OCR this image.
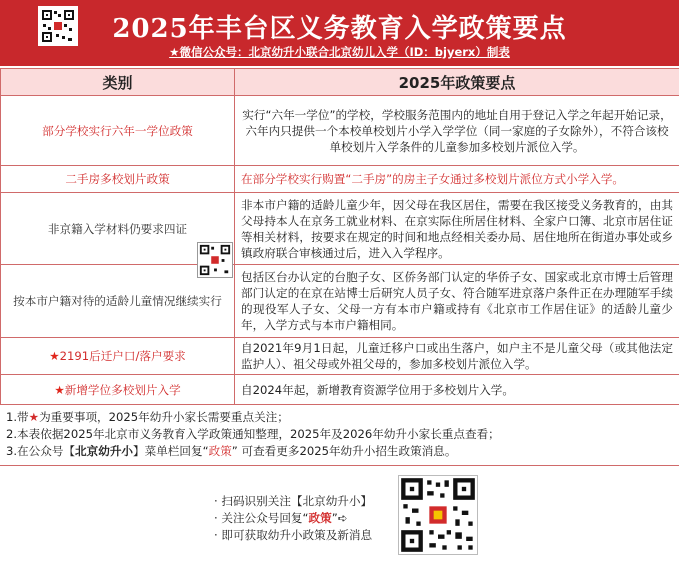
2025年丰台区义务教育入学政策要点
★微信公众号：北京幼升小联合北京幼儿入学（ID：bjyerx）制表
类别	2025年政策要点
部分学校实行六年一学位政策	实行“六年一学位”的学校，学校服务范围内的地址自用于登记入学之年起开始记录，六年内只提供一个本校单校划片小学入学学位（同一家庭的子女除外），不符合该校单校划片入学条件的儿童参加多校划片派位入学。
二手房多校划片政策	在部分学校实行购置“二手房”的房主子女通过多校划片派位方式小学入学。
非京籍入学材料仍要求四证	非本市户籍的适龄儿童少年，因父母在我区居住，需要在我区接受义务教育的，由其父母持本人在京务工就业材料、在京实际住所居住材料、全家户口簿、北京市居住证等相关材料，按要求在规定的时间和地点经相关委办局、居住地所在街道办事处或乡镇政府联合审核通过后，进入入学程序。
按本市户籍对待的适龄儿童情况继续实行	包括区台办认定的台胞子女、区侨务部门认定的华侨子女、国家或北京市博士后管理部门认定的在京在站博士后研究人员子女、符合随军进京落户条件正在办理随军手续的现役军人子女、父母一方有本市户籍或持有《北京市工作居住证》的适龄儿童少年，入学方式与本市户籍相同。
★2191后迁户口/落户要求	自2021年9月1日起，儿童迁移户口或出生落户，如户主不是儿童父母（或其他法定监护人）、祖父母或外祖父母的，参加多校划片派位入学。
★新增学位多校划片入学	自2024年起，新增教育资源学位用于多校划片入学。
1.带★为重要事项，2025年幼升小家长需要重点关注；
2.本表依据2025年北京市义务教育入学政策通知整理，2025年及2026年幼升小家长重点查看；
3.在公众号【北京幼升小】菜单栏回复“政策” 可查看更多2025年幼升小招生政策消息。
· 扫码识别关注【北京幼升小】
· 关注公众号回复“政策”➪
· 即可获取幼升小政策及新消息
